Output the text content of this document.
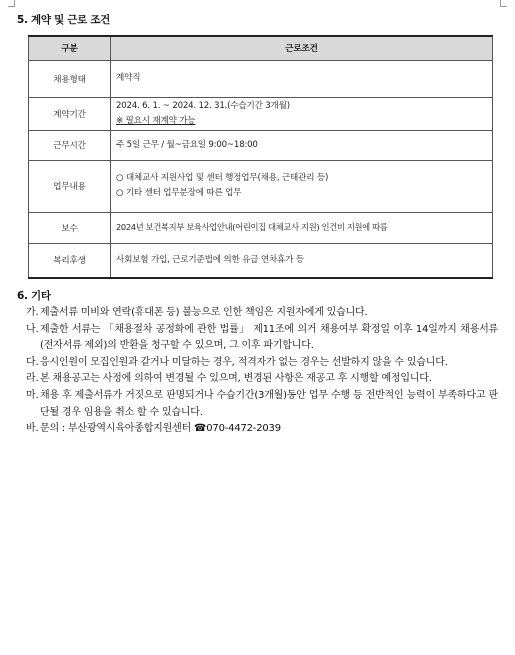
5. 계약 및 근로 조건
구분	근로조건
채용형태	계약직

계약기간	2024. 6. 1. ~ 2024. 12. 31.(수습기간 3개월)
※ 필요시 재계약 가능

근무시간	주 5일 근무 / 월~금요일 9:00~18:00

업무내용	○ 대체교사 지원사업 및 센터 행정업무(채용, 근태관리 등)
○ 기타 센터 업무분장에 따른 업무

보수	2024년 보건복지부 보육사업안내(어린이집 대체교사 지원) 인건비 지원에 따름

복리후생	사회보험 가입, 근로기준법에 의한 유급 연차휴가 등
6. 기타
가. 제출서류 미비와 연락(휴대폰 등) 불능으로 인한 책임은 지원자에게 있습니다.
나. 제출한 서류는 「채용절차 공정화에 관한 법률」 제11조에 의거 채용여부 확정일 이후 14일까지 채용서류(전자서류 제외)의 반환을 청구할 수 있으며, 그 이후 파기합니다.
다. 응시인원이 모집인원과 같거나 미달하는 경우, 적격자가 없는 경우는 선발하지 않을 수 있습니다.
라. 본 채용공고는 사정에 의하여 변경될 수 있으며, 변경된 사항은 재공고 후 시행할 예정입니다.
마. 채용 후 제출서류가 거짓으로 판명되거나 수습기간(3개월)동안 업무 수행 등 전반적인 능력이 부족하다고 판단될 경우 임용을 취소 할 수 있습니다.
바. 문의 : 부산광역시육아종합지원센터 ☎070-4472-2039
